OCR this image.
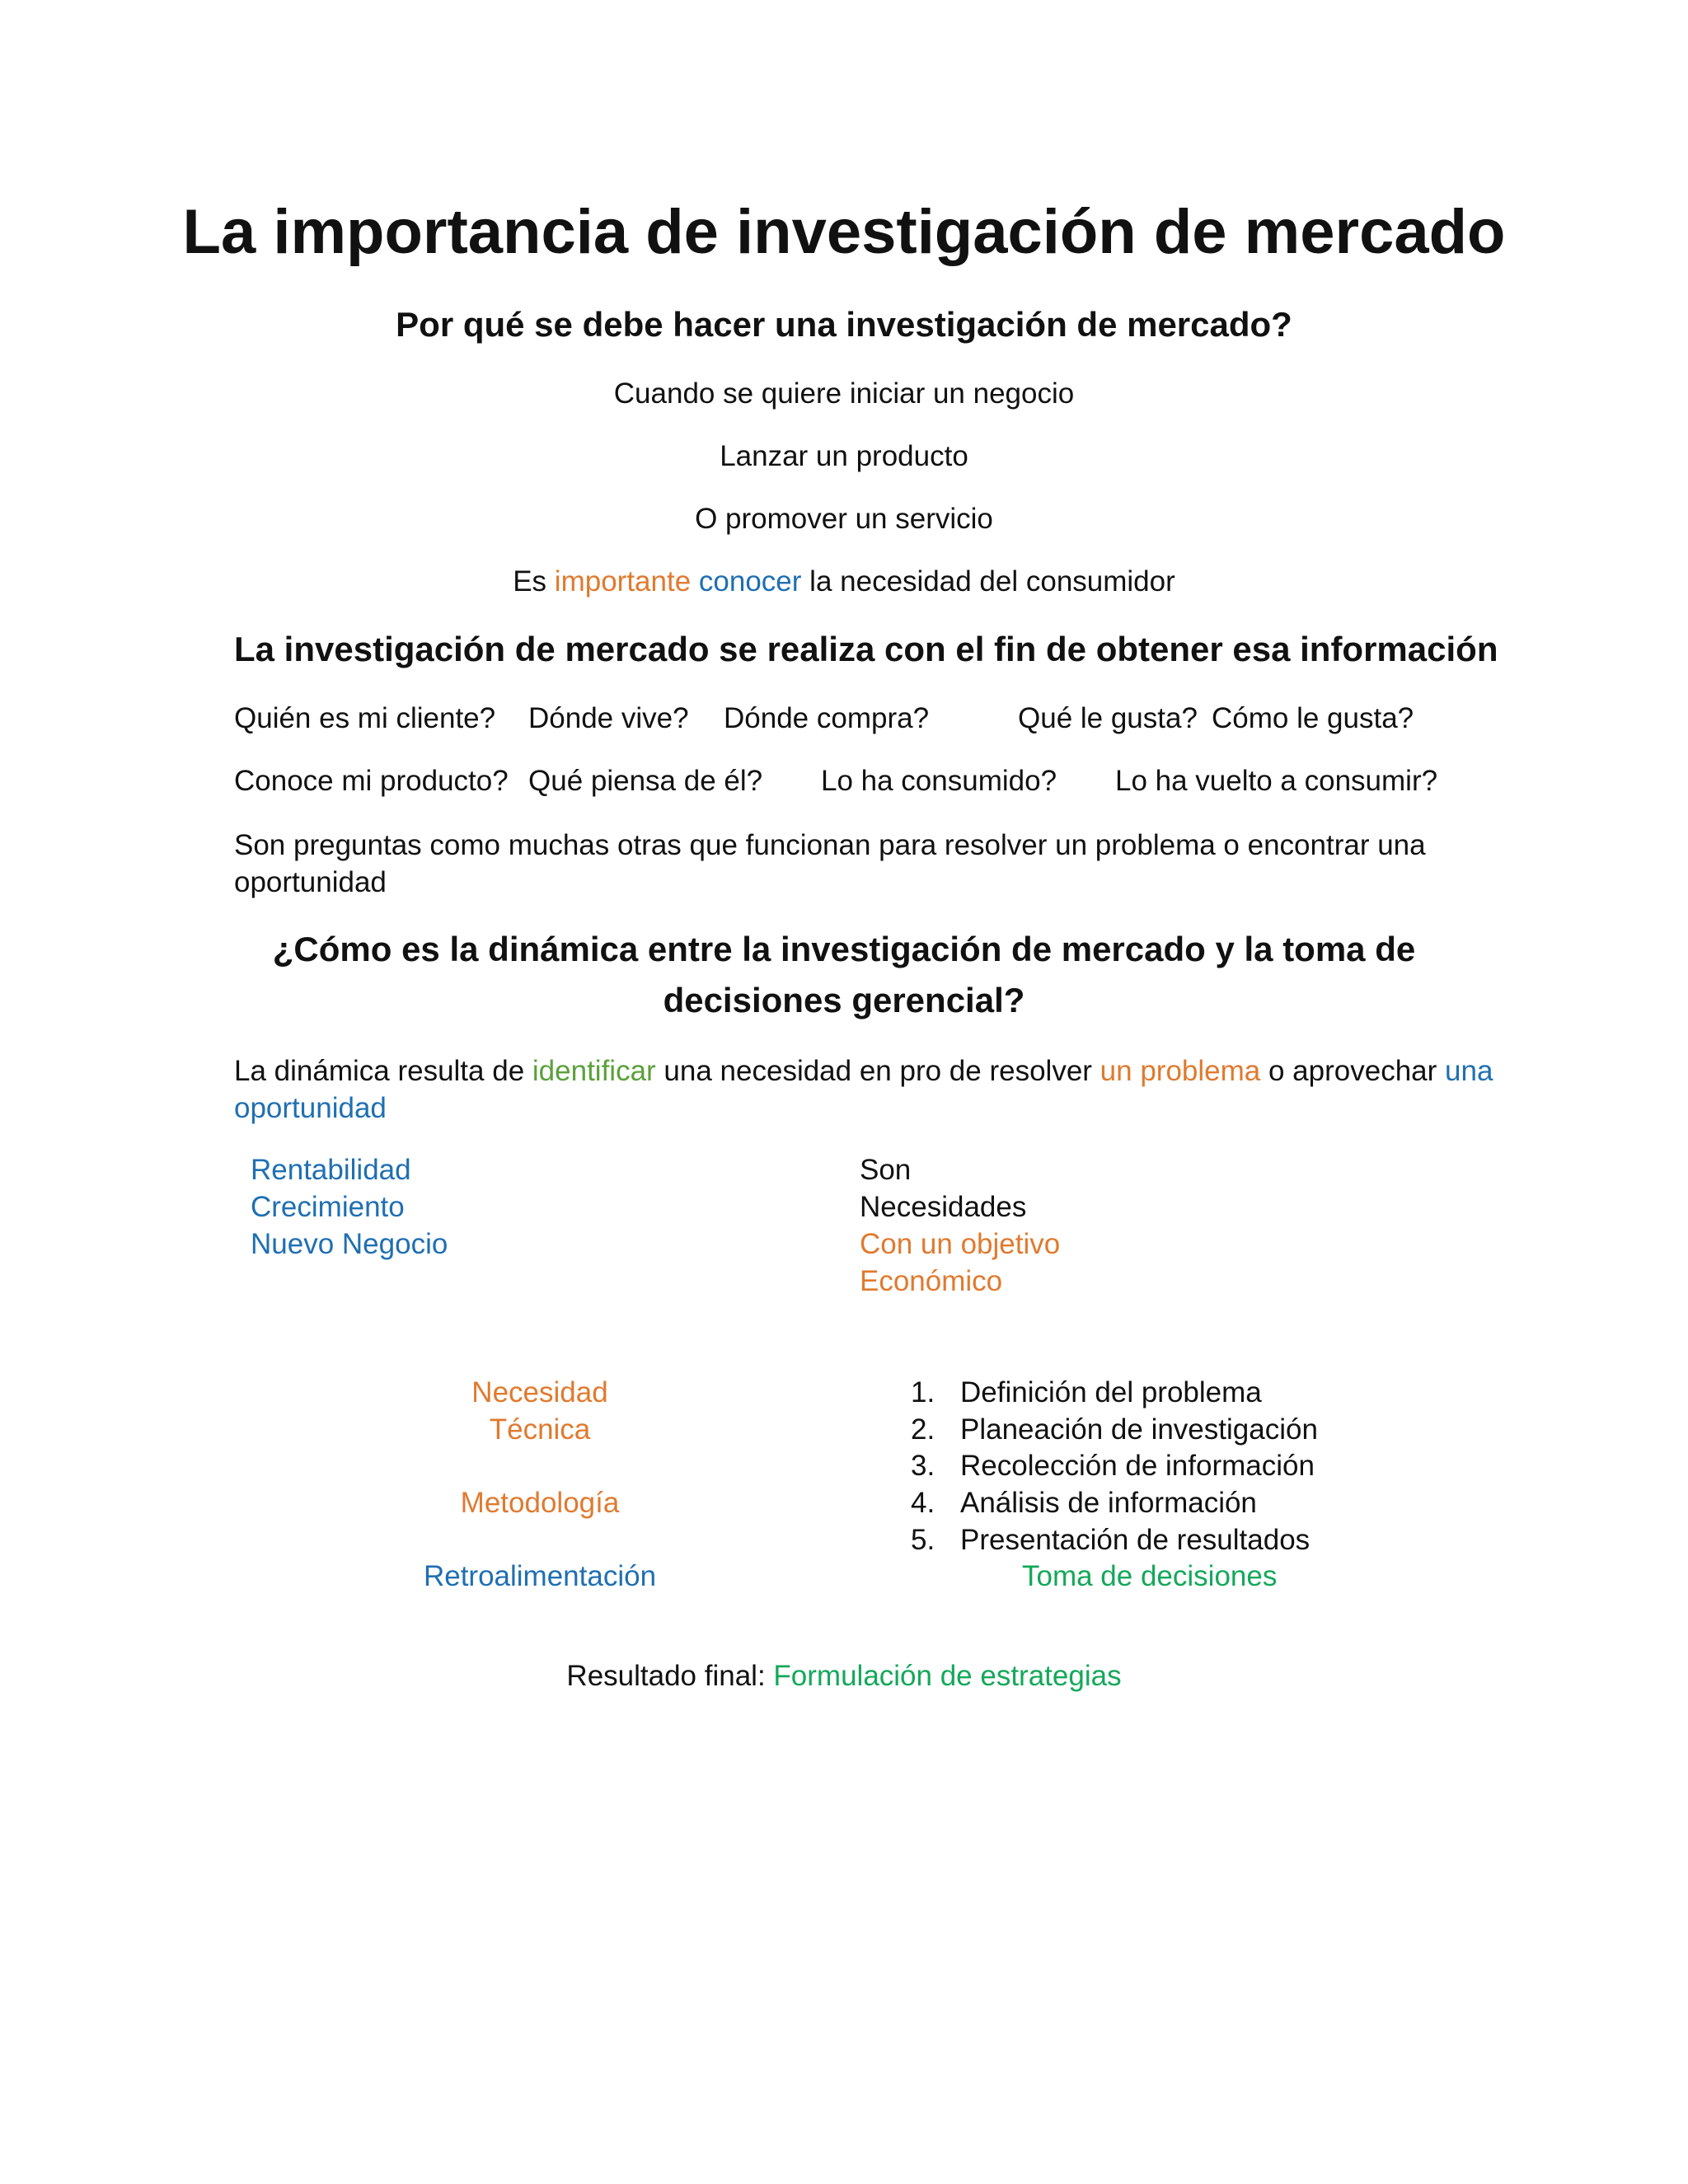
La importancia de investigación de mercado
Por qué se debe hacer una investigación de mercado?
Cuando se quiere iniciar un negocio
Lanzar un producto
O promover un servicio
Es importante conocer la necesidad del consumidor
La investigación de mercado se realiza con el fin de obtener esa información
Quién es mi cliente? Dónde vive? Dónde compra?	Qué le gusta? Cómo le gusta?
Conoce mi producto? Qué piensa de él? Lo ha consumido? Lo ha vuelto a consumir?
Son preguntas como muchas otras que funcionan para resolver un problema o encontrar una
oportunidad
¿Cómo es la dinámica entre la investigación de mercado y la toma de
decisiones gerencial?
La dinámica resulta de identificar una necesidad en pro de resolver un problema o aprovechar una
oportunidad
Rentabilidad
Crecimiento
Nuevo Negocio
Son
Necesidades
Con un objetivo
Económico
Necesidad
Técnica
Metodología
Retroalimentación
1. Definición del problema
2. Planeación de investigación
3. Recolección de información
4. Análisis de información
5. Presentación de resultados
Toma de decisiones
Resultado final: Formulación de estrategias
